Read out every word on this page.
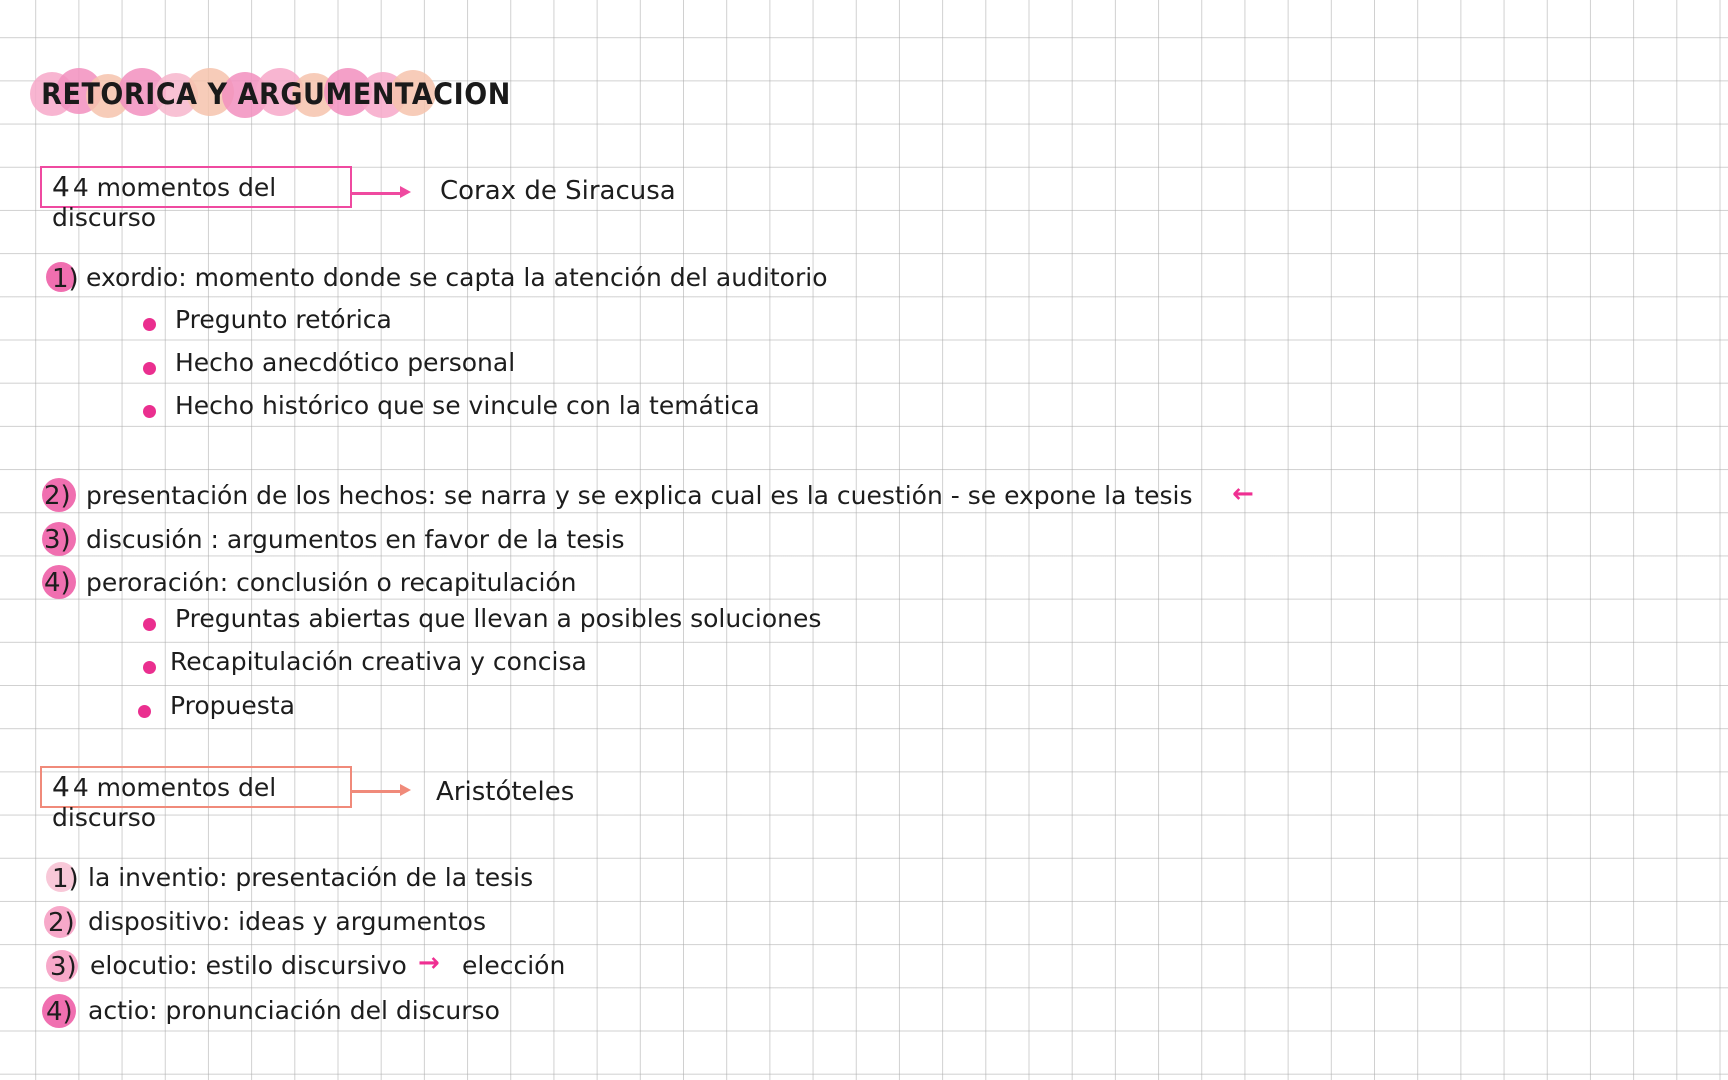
RETORICA Y ARGUMENTACION
4 4 momentos del discurso
Corax de Siracusa
1) exordio: momento donde se capta la atención del auditorio
Pregunto retórica
Hecho anecdótico personal
Hecho histórico que se vincule con la temática
2) presentación de los hechos: se narra y se explica cual es la cuestión - se expone la tesis ←
3) discusión : argumentos en favor de la tesis
4) peroración: conclusión o recapitulación
Preguntas abiertas que llevan a posibles soluciones
Recapitulación creativa y concisa
Propuesta
4 4 momentos del discurso
Aristóteles
1) la inventio: presentación de la tesis
2) dispositivo: ideas y argumentos
3) elocutio: estilo discursivo → elección
4) actio: pronunciación del discurso
